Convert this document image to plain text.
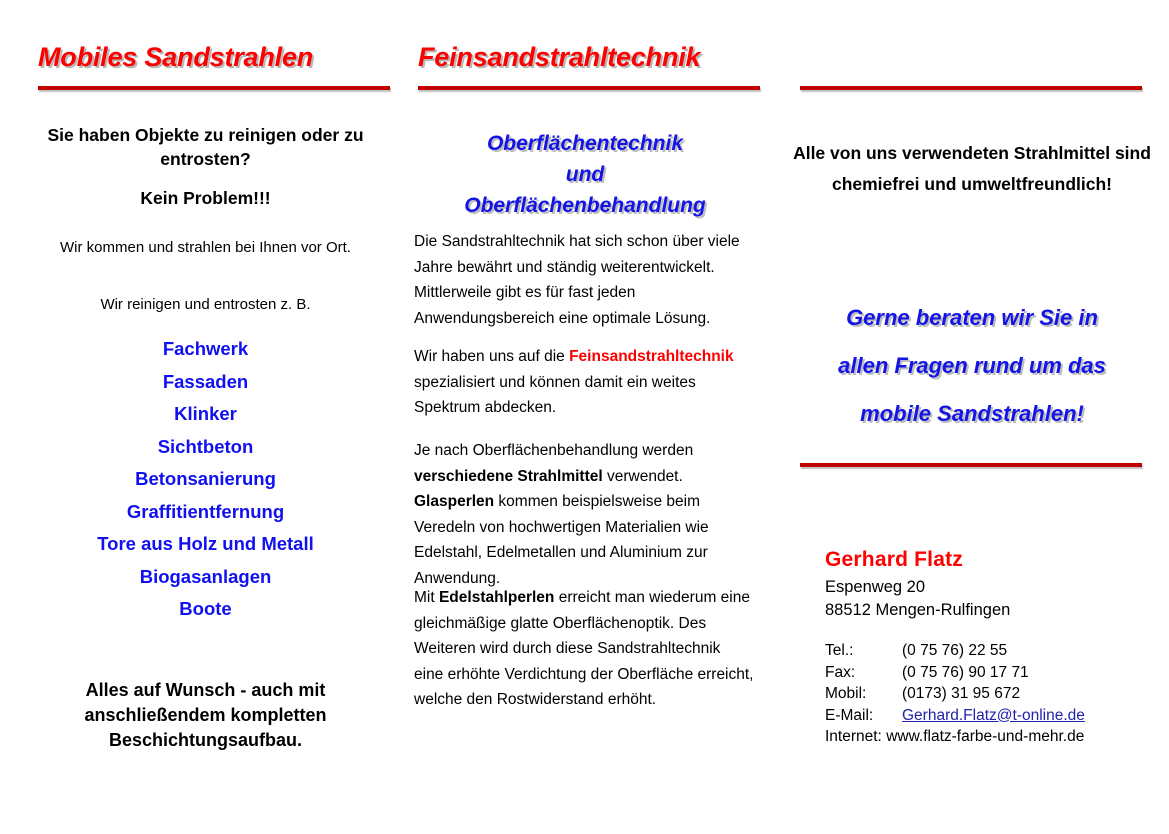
Mobiles Sandstrahlen
Sie haben Objekte zu reinigen oder zu entrosten?
Kein Problem!!!
Wir kommen und strahlen bei Ihnen vor Ort.
Wir reinigen und entrosten z. B.
Fachwerk
Fassaden
Klinker
Sichtbeton
Betonsanierung
Graffitientfernung
Tore aus Holz und Metall
Biogasanlagen
Boote
Alles auf Wunsch - auch mit anschließendem kompletten Beschichtungsaufbau.
Feinsandstrahltechnik
Oberflächentechnik
und
Oberflächenbehandlung
Die Sandstrahltechnik hat sich schon über viele Jahre bewährt und ständig weiterentwickelt. Mittlerweile gibt es für fast jeden Anwendungsbereich eine optimale Lösung.
Wir haben uns auf die Feinsandstrahltechnik spezialisiert und können damit ein weites Spektrum abdecken.
Je nach Oberflächenbehandlung werden verschiedene Strahlmittel verwendet. Glasperlen kommen beispielsweise beim Veredeln von hochwertigen Materialien wie Edelstahl, Edelmetallen und Aluminium zur Anwendung.
Mit Edelstahlperlen erreicht man wiederum eine gleichmäßige glatte Oberflächenoptik. Des Weiteren wird durch diese Sandstrahltechnik eine erhöhte Verdichtung der Oberfläche erreicht, welche den Rostwiderstand erhöht.
Alle von uns verwendeten Strahlmittel sind chemiefrei und umweltfreundlich!
Gerne beraten wir Sie in
allen Fragen rund um das
mobile Sandstrahlen!
Gerhard Flatz
Espenweg 20
88512 Mengen-Rulfingen
Tel.:	(0 75 76) 22 55
Fax:	(0 75 76) 90 17 71
Mobil: (0173) 31 95 672
E-Mail: Gerhard.Flatz@t-online.de
Internet: www.flatz-farbe-und-mehr.de
